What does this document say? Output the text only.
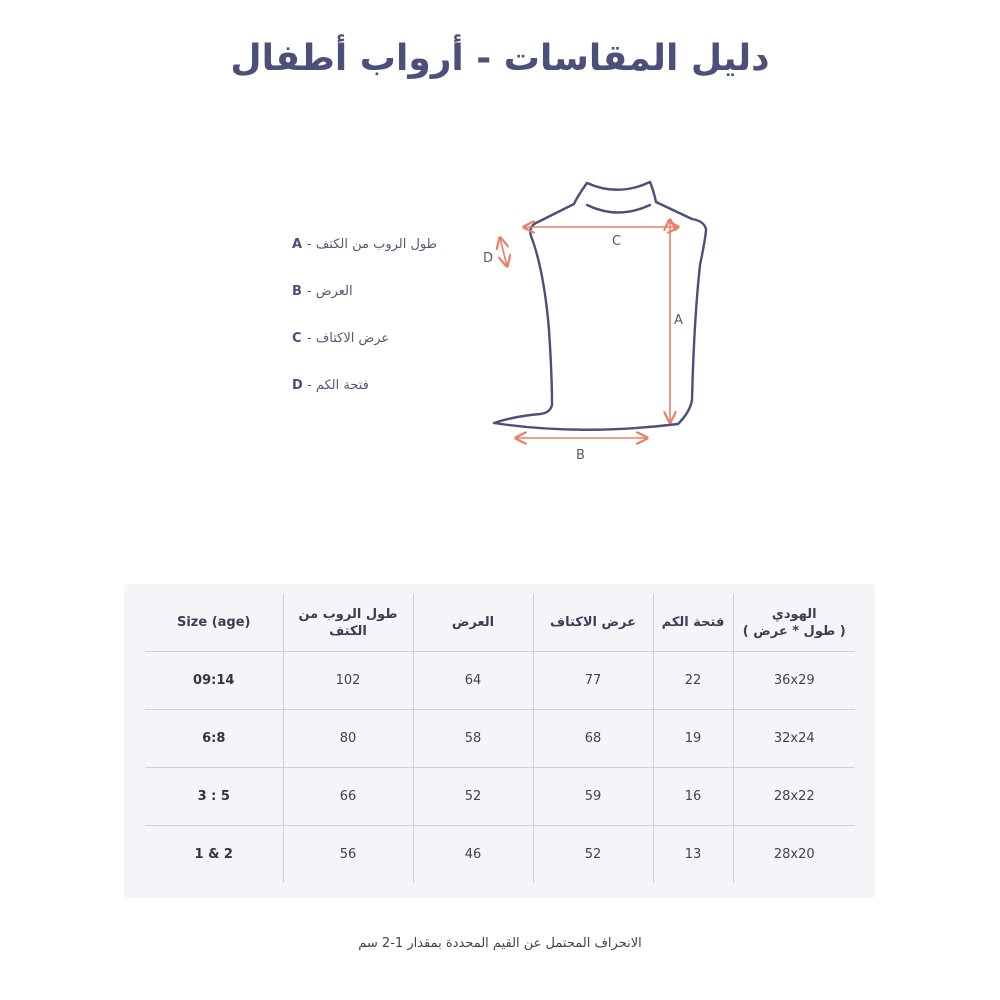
دليل المقاسات - أرواب أطفال
A طول الروب من الكتف -
B العرض -
C عرض الاكتاف -
D فتحة الكم -
C
A
B
D
Size (age)	طول الروب من الكتف	العرض	عرض الاكتاف	فتحة الكم	الهودي
( طول * عرض )

09:14	102	64	77	22	36x29
6:8	80	58	68	19	32x24
3 : 5	66	52	59	16	28x22
1 & 2	56	46	52	13	28x20
الانحراف المحتمل عن القيم المحددة بمقدار 1-2 سم
